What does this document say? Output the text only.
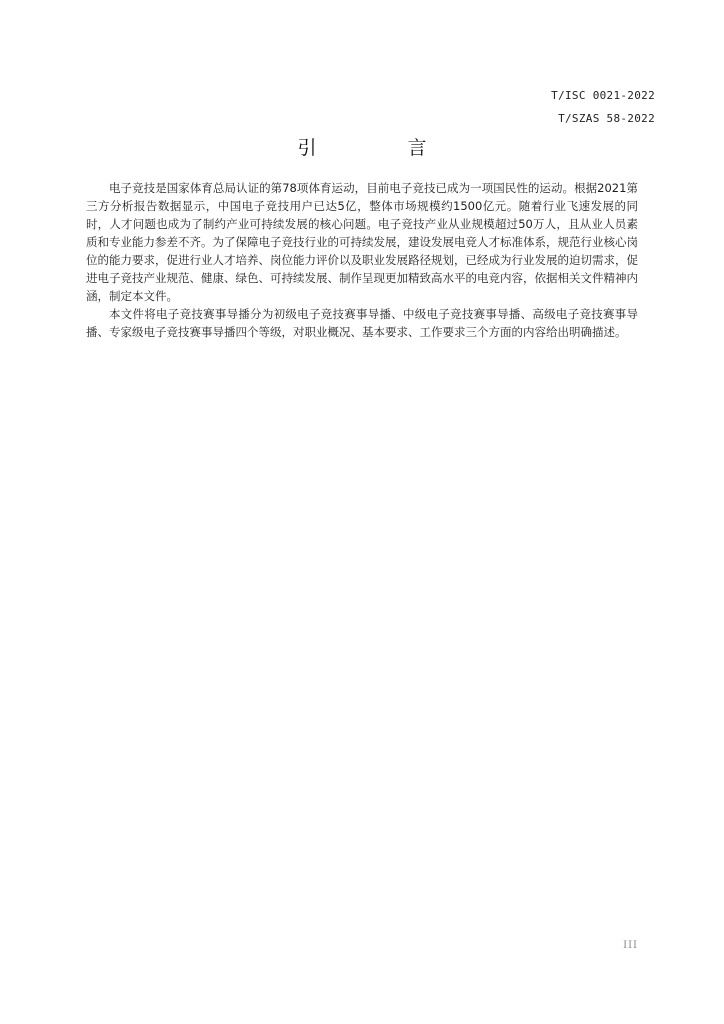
T/ISC 0021-2022
T/SZAS 58-2022
引　言

电子竞技是国家体育总局认证的第78项体育运动，目前电子竞技已成为一项国民性的运动。根据2021第三方分析报告数据显示，中国电子竞技用户已达5亿，整体市场规模约1500亿元。随着行业飞速发展的同时，人才问题也成为了制约产业可持续发展的核心问题。电子竞技产业从业规模超过50万人，且从业人员素质和专业能力参差不齐。为了保障电子竞技行业的可持续发展，建设发展电竞人才标准体系，规范行业核心岗位的能力要求，促进行业人才培养、岗位能力评价以及职业发展路径规划，已经成为行业发展的迫切需求，促进电子竞技产业规范、健康、绿色、可持续发展、制作呈现更加精致高水平的电竞内容，依据相关文件精神内涵，制定本文件。

本文件将电子竞技赛事导播分为初级电子竞技赛事导播、中级电子竞技赛事导播、高级电子竞技赛事导播、专家级电子竞技赛事导播四个等级，对职业概况、基本要求、工作要求三个方面的内容给出明确描述。

III
